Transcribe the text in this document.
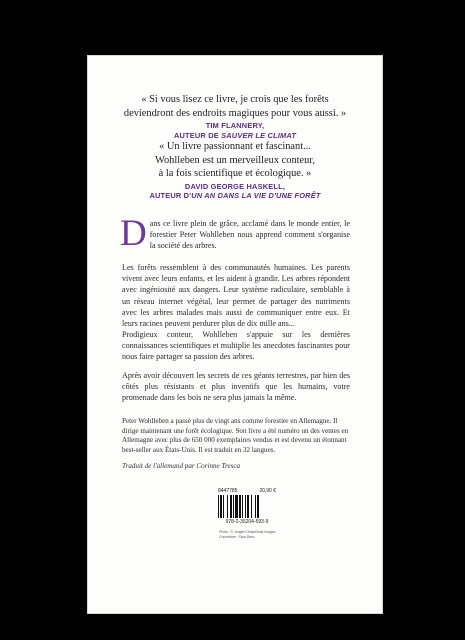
« Si vous lisez ce livre, je crois que les forêts
deviendront des endroits magiques pour vous aussi. »
TIM FLANNERY,
AUTEUR DE SAUVER LE CLIMAT
« Un livre passionnant et fascinant...
Wohlleben est un merveilleux conteur,
à la fois scientifique et écologique. »
DAVID GEORGE HASKELL,
AUTEUR D'UN AN DANS LA VIE D'UNE FORÊT
D ans ce livre plein de grâce, acclamé dans le monde entier, le forestier Peter Wohlleben nous apprend comment s'organise la société des arbres.

Les forêts ressemblent à des communautés humaines. Les parents vivent avec leurs enfants, et les aident à grandir. Les arbres répondent avec ingéniosité aux dangers. Leur système radiculaire, semblable à un réseau internet végétal, leur permet de partager des nutriments avec les arbres malades mais aussi de communiquer entre eux. Et leurs racines peuvent perdurer plus de dix mille ans...

Prodigieux conteur, Wohlleben s'appuie sur les dernières connaissances scientifiques et multiplie les anecdotes fascinantes pour nous faire partager sa passion des arbres.

Après avoir découvert les secrets de ces géants terrestres, par bien des côtés plus résistants et plus inventifs que les humains, votre promenade dans les bois ne sera plus jamais la même.

Peter Wohlleben a passé plus de vingt ans comme forestier en Allemagne. Il dirige maintenant une forêt écologique. Son livre a été numéro un des ventes en Allemagne avec plus de 650 000 exemplaires vendus et est devenu un étonnant best-seller aux États-Unis. Il est traduit en 32 langues.
Traduit de l'allemand par Corinne Tresca
8447785	20,90 €
978-2-35204-593-9
Photo : © Jorgen Christ/Getty Images
Couverture : Sara Deux
